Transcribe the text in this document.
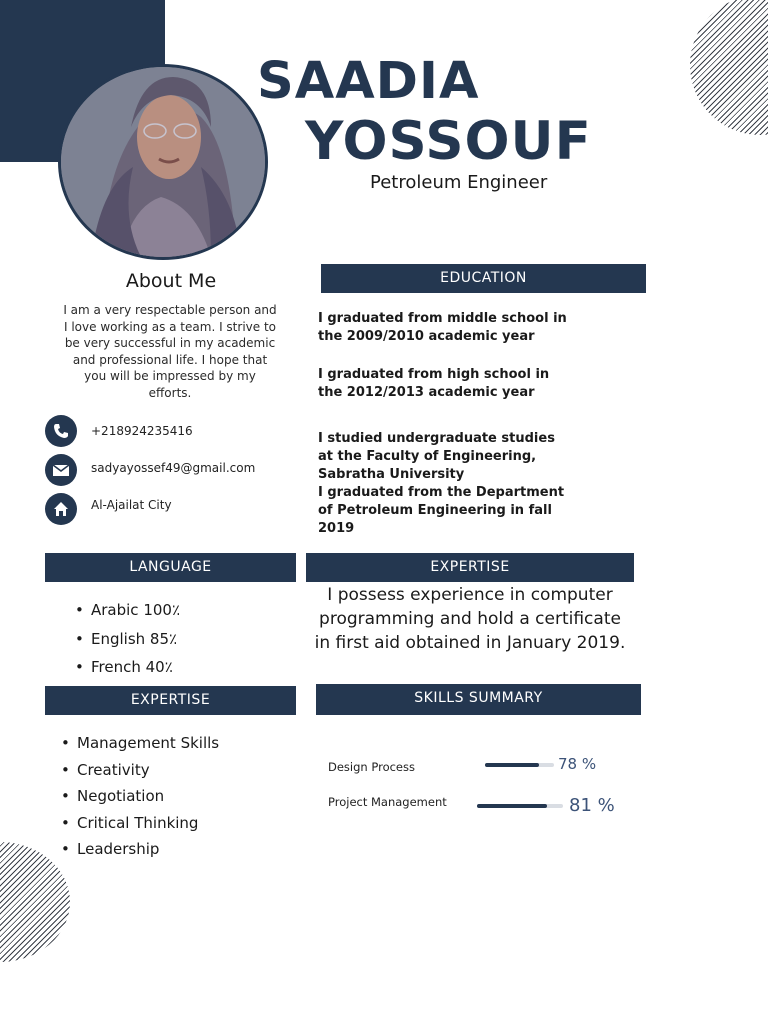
SAADIA
YOSSOUF
Petroleum Engineer
About Me
I am a very respectable person and I love working as a team. I strive to be very successful in my academic and professional life. I hope that you will be impressed by my efforts.
+218924235416
sadyayossef49@gmail.com
Al-Ajailat City
EDUCATION
I graduated from middle school in the 2009/2010 academic year
I graduated from high school in the 2012/2013 academic year
I studied undergraduate studies at the Faculty of Engineering, Sabratha University
I graduated from the Department of Petroleum Engineering in fall 2019
LANGUAGE
• Arabic 100٪
• English 85٪
• French 40٪
EXPERTISE
I possess experience in computer programming and hold a certificate in first aid obtained in January 2019.
EXPERTISE
• Management Skills
• Creativity
• Negotiation
• Critical Thinking
• Leadership
SKILLS SUMMARY
Design Process	78 %
Project Management	81 %
